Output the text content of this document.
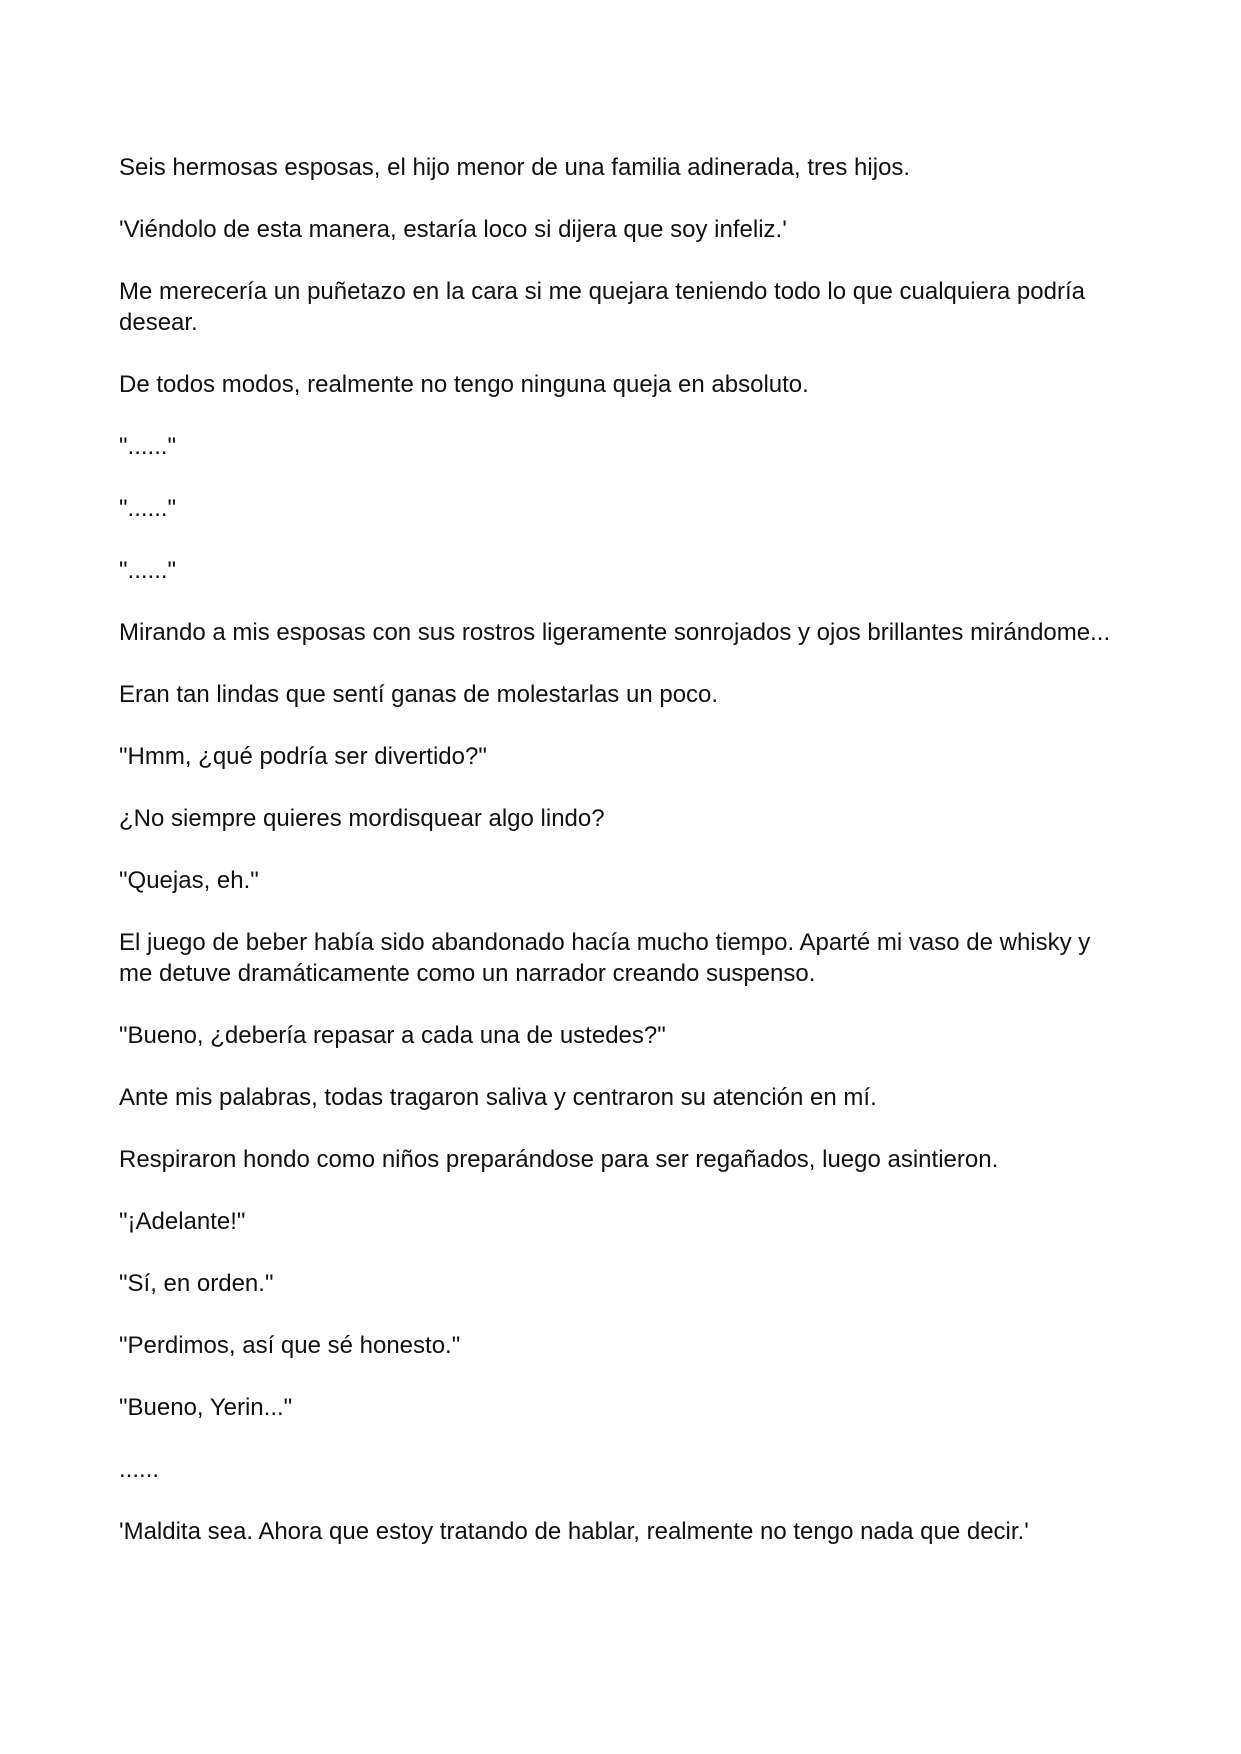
Seis hermosas esposas, el hijo menor de una familia adinerada, tres hijos.

'Viéndolo de esta manera, estaría loco si dijera que soy infeliz.'

Me merecería un puñetazo en la cara si me quejara teniendo todo lo que cualquiera podría desear.

De todos modos, realmente no tengo ninguna queja en absoluto.

"......"

"......"

"......"

Mirando a mis esposas con sus rostros ligeramente sonrojados y ojos brillantes mirándome...

Eran tan lindas que sentí ganas de molestarlas un poco.

"Hmm, ¿qué podría ser divertido?"

¿No siempre quieres mordisquear algo lindo?

"Quejas, eh."

El juego de beber había sido abandonado hacía mucho tiempo. Aparté mi vaso de whisky y me detuve dramáticamente como un narrador creando suspenso.

"Bueno, ¿debería repasar a cada una de ustedes?"

Ante mis palabras, todas tragaron saliva y centraron su atención en mí.

Respiraron hondo como niños preparándose para ser regañados, luego asintieron.

"¡Adelante!"

"Sí, en orden."

"Perdimos, así que sé honesto."

"Bueno, Yerin..."

......

'Maldita sea. Ahora que estoy tratando de hablar, realmente no tengo nada que decir.'
